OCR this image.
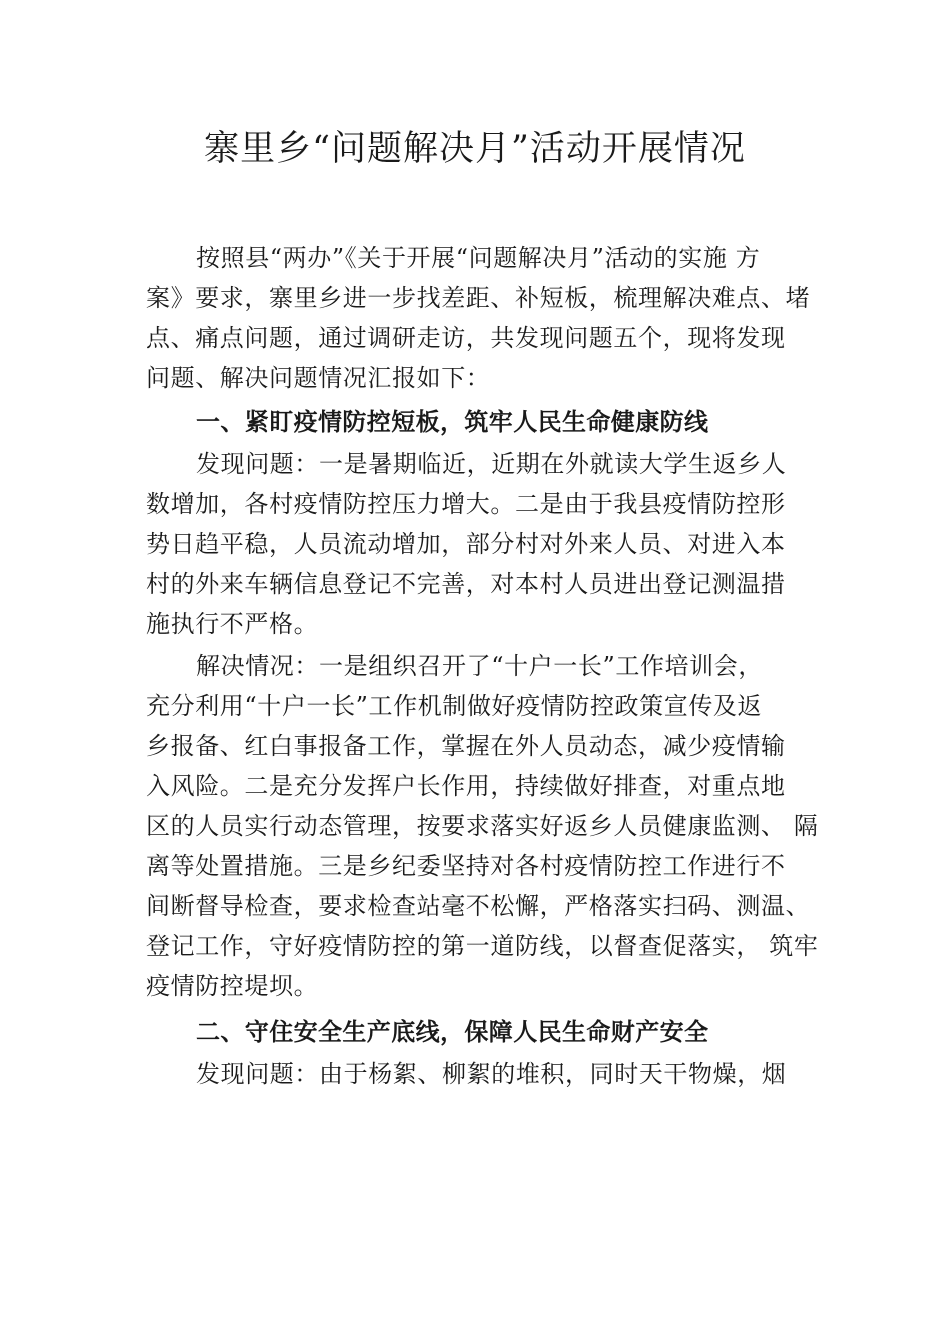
寨里乡“问题解决月”活动开展情况
按照县“两办”《关于开展“问题解决月”活动的实施 方
案》要求，寨里乡进一步找差距、补短板，梳理解决难点、堵
点、痛点问题，通过调研走访，共发现问题五个，现将发现
问题、解决问题情况汇报如下：
一、紧盯疫情防控短板，筑牢人民生命健康防线
发现问题：一是暑期临近，近期在外就读大学生返乡人
数增加，各村疫情防控压力增大。二是由于我县疫情防控形
势日趋平稳，人员流动增加，部分村对外来人员、对进入本
村的外来车辆信息登记不完善，对本村人员进出登记测温措
施执行不严格。
解决情况：一是组织召开了“十户一长”工作培训会，
充分利用“十户一长”工作机制做好疫情防控政策宣传及返
乡报备、红白事报备工作，掌握在外人员动态，减少疫情输
入风险。二是充分发挥户长作用，持续做好排查，对重点地
区的人员实行动态管理，按要求落实好返乡人员健康监测、 隔
离等处置措施。三是乡纪委坚持对各村疫情防控工作进行不
间断督导检查，要求检查站毫不松懈，严格落实扫码、测温、
登记工作，守好疫情防控的第一道防线，以督查促落实， 筑牢
疫情防控堤坝。
二、守住安全生产底线，保障人民生命财产安全
发现问题：由于杨絮、柳絮的堆积，同时天干物燥，烟
